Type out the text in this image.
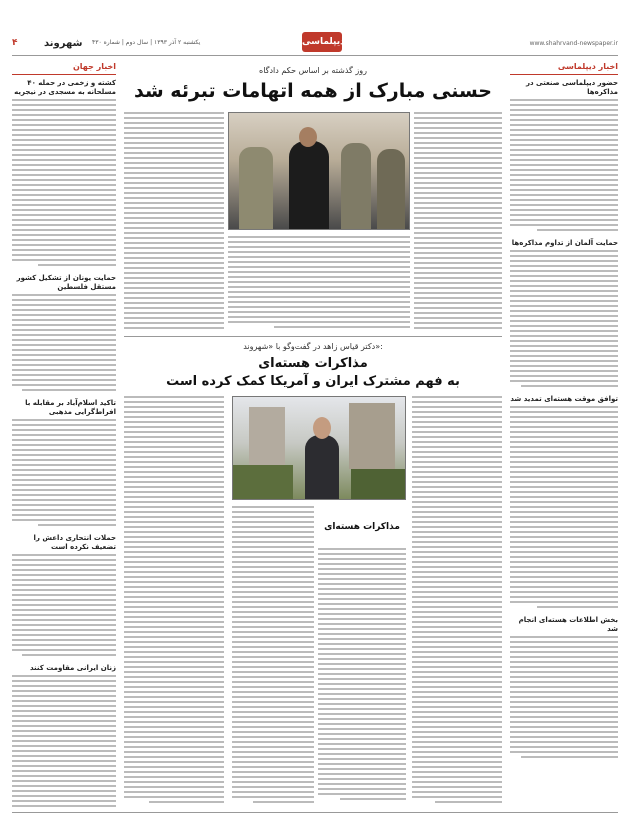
۴	شهروند یکشنبه ۲ آذر ۱۳۹۳ | سال دوم | شماره ۴۳۰	دیپلماسی	www.shahrvand-newspaper.ir
اخبار جهان
۴۰ کشته و زخمی در حمله مسلحانه به مسجدی در نیجریه
حمایت یونان از تشکیل کشور مستقل فلسطین
تاکید اسلام‌آباد بر مقابله با افراط‌گرایی مذهبی
حملات انتحاری داعش را تضعیف نکرده است
زنان ایرانی مقاومت کنند
اخبار دیپلماسی
حضور دیپلماسی صنعتی در مذاکره‌ها
حمایت آلمان از تداوم مذاکره‌ها
توافق موقت هسته‌ای تمدید شد
بخش اطلاعات هسته‌ای انجام شد
روز گذشته بر اساس حکم دادگاه
حسنی مبارک از همه اتهامات تبرئه شد
دکتر قیاس زاهد در گفت‌وگو با «شهروند»:
مذاکرات هسته‌ای
به فهم مشترک ایران و آمریکا کمک کرده است
مذاکرات هسته‌ای
